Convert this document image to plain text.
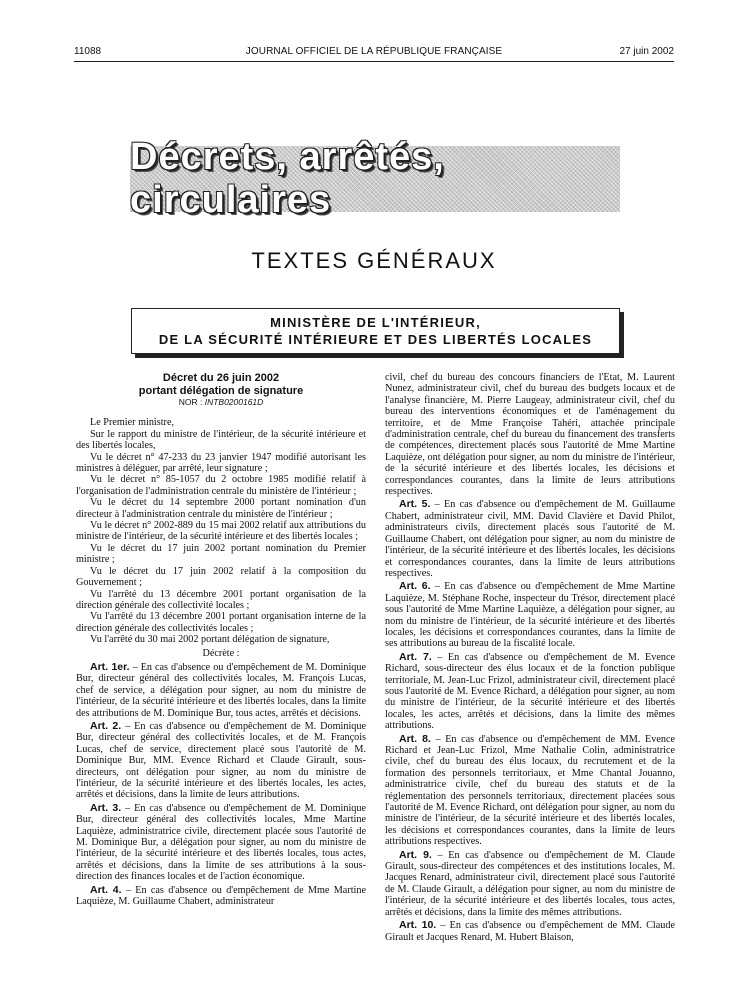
11088	JOURNAL OFFICIEL DE LA RÉPUBLIQUE FRANÇAISE	27 juin 2002
Décrets, arrêtés, circulaires
TEXTES GÉNÉRAUX
MINISTÈRE DE L'INTÉRIEUR,
DE LA SÉCURITÉ INTÉRIEURE ET DES LIBERTÉS LOCALES
Décret du 26 juin 2002
portant délégation de signature
NOR : INTB0200161D

Le Premier ministre,

Sur le rapport du ministre de l'intérieur, de la sécurité intérieure et des libertés locales,

Vu le décret n° 47-233 du 23 janvier 1947 modifié autorisant les ministres à déléguer, par arrêté, leur signature ;

Vu le décret n° 85-1057 du 2 octobre 1985 modifié relatif à l'organisation de l'administration centrale du ministère de l'intérieur ;

Vu le décret du 14 septembre 2000 portant nomination d'un directeur à l'administration centrale du ministère de l'intérieur ;

Vu le décret n° 2002-889 du 15 mai 2002 relatif aux attributions du ministre de l'intérieur, de la sécurité intérieure et des libertés locales ;

Vu le décret du 17 juin 2002 portant nomination du Premier ministre ;

Vu le décret du 17 juin 2002 relatif à la composition du Gouvernement ;

Vu l'arrêté du 13 décembre 2001 portant organisation de la direction générale des collectivité locales ;

Vu l'arrêté du 13 décembre 2001 portant organisation interne de la direction générale des collectivités locales ;

Vu l'arrêté du 30 mai 2002 portant délégation de signature,

Décrète :

Art. 1er. – En cas d'absence ou d'empêchement de M. Dominique Bur, directeur général des collectivités locales, M. François Lucas, chef de service, a délégation pour signer, au nom du ministre de l'intérieur, de la sécurité intérieure et des libertés locales, dans la limite des attributions de M. Dominique Bur, tous actes, arrêtés et décisions.

Art. 2. – En cas d'absence ou d'empêchement de M. Dominique Bur, directeur général des collectivités locales, et de M. François Lucas, chef de service, directement placé sous l'autorité de M. Dominique Bur, MM. Evence Richard et Claude Girault, sous-directeurs, ont délégation pour signer, au nom du ministre de l'intérieur, de la sécurité intérieure et des libertés locales, les actes, arrêtés et décisions, dans la limite de leurs attributions.

Art. 3. – En cas d'absence ou d'empêchement de M. Dominique Bur, directeur général des collectivités locales, Mme Martine Laquièze, administratrice civile, directement placée sous l'autorité de M. Dominique Bur, a délégation pour signer, au nom du ministre de l'intérieur, de la sécurité intérieure et des libertés locales, tous actes, arrêtés et décisions, dans la limite de ses attributions à la sous-direction des finances locales et de l'action économique.

Art. 4. – En cas d'absence ou d'empêchement de Mme Martine Laquièze, M. Guillaume Chabert, administrateur

civil, chef du bureau des concours financiers de l'Etat, M. Laurent Nunez, administrateur civil, chef du bureau des budgets locaux et de l'analyse financière, M. Pierre Laugeay, administrateur civil, chef du bureau des interventions économiques et de l'aménagement du territoire, et de Mme Françoise Tahéri, attachée principale d'administration centrale, chef du bureau du financement des transferts de compétences, directement placés sous l'autorité de Mme Martine Laquièze, ont délégation pour signer, au nom du ministre de l'intérieur, de la sécurité intérieure et des libertés locales, les décisions et correspondances courantes, dans la limite de leurs attributions respectives.

Art. 5. – En cas d'absence ou d'empêchement de M. Guillaume Chabert, administrateur civil, MM. David Clavière et David Philot, administrateurs civils, directement placés sous l'autorité de M. Guillaume Chabert, ont délégation pour signer, au nom du ministre de l'intérieur, de la sécurité intérieure et des libertés locales, les décisions et correspondances courantes, dans la limite de leurs attributions respectives.

Art. 6. – En cas d'absence ou d'empêchement de Mme Martine Laquièze, M. Stéphane Roche, inspecteur du Trésor, directement placé sous l'autorité de Mme Martine Laquièze, a délégation pour signer, au nom du ministre de l'intérieur, de la sécurité intérieure et des libertés locales, les décisions et correspondances courantes, dans la limite de ses attributions au bureau de la fiscalité locale.

Art. 7. – En cas d'absence ou d'empêchement de M. Evence Richard, sous-directeur des élus locaux et de la fonction publique territoriale, M. Jean-Luc Frizol, administrateur civil, directement placé sous l'autorité de M. Evence Richard, a délégation pour signer, au nom du ministre de l'intérieur, de la sécurité intérieure et des libertés locales, les actes, arrêtés et décisions, dans la limite des mêmes attributions.

Art. 8. – En cas d'absence ou d'empêchement de MM. Evence Richard et Jean-Luc Frizol, Mme Nathalie Colin, administratrice civile, chef du bureau des élus locaux, du recrutement et de la formation des personnels territoriaux, et Mme Chantal Jouanno, administratrice civile, chef du bureau des statuts et de la réglementation des personnels territoriaux, directement placées sous l'autorité de M. Evence Richard, ont délégation pour signer, au nom du ministre de l'intérieur, de la sécurité intérieure et des libertés locales, les décisions et correspondances courantes, dans la limite de leurs attributions respectives.

Art. 9. – En cas d'absence ou d'empêchement de M. Claude Girault, sous-directeur des compétences et des institutions locales, M. Jacques Renard, administrateur civil, directement placé sous l'autorité de M. Claude Girault, a délégation pour signer, au nom du ministre de l'intérieur, de la sécurité intérieure et des libertés locales, tous actes, arrêtés et décisions, dans la limite des mêmes attributions.

Art. 10. – En cas d'absence ou d'empêchement de MM. Claude Girault et Jacques Renard, M. Hubert Blaison,
